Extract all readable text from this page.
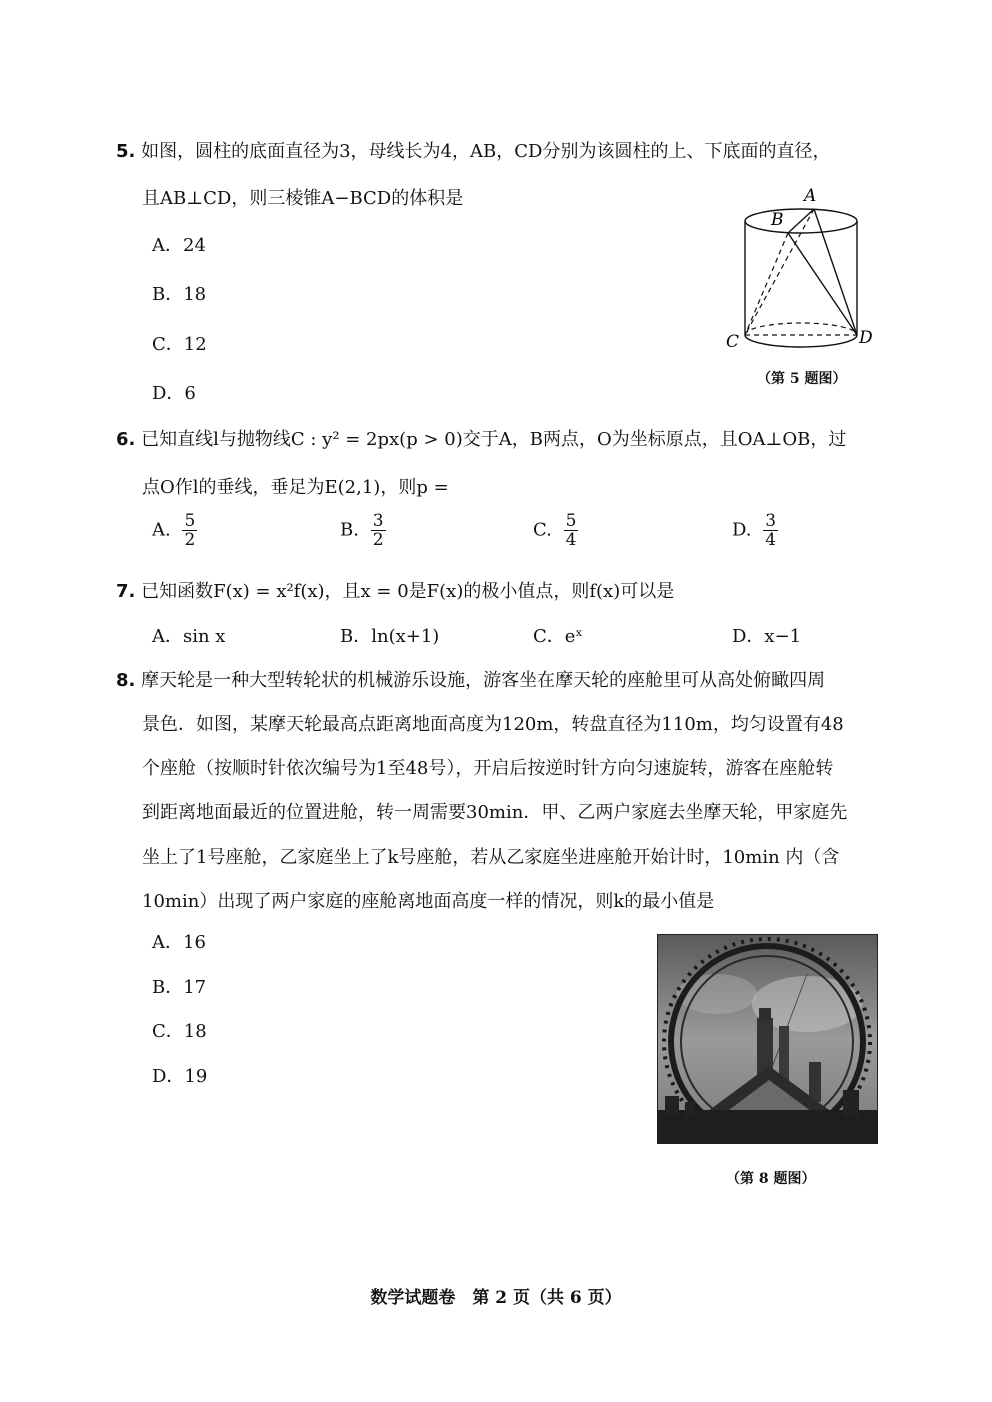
5. 如图，圆柱的底面直径为3，母线长为4，AB，CD分别为该圆柱的上、下底面的直径，
且AB⊥CD，则三棱锥A−BCD的体积是
A．24
B．18
C．12
D．6
A
B
C	D
（第 5 题图）
6. 已知直线l与抛物线C : y² = 2px(p > 0)交于A，B两点，O为坐标原点，且OA⊥OB，过
点O作l的垂线，垂足为E(2,1)，则p =
A. $\frac{5}{2}$	B. $\frac{3}{2}$	C. $\frac{5}{4}$	D. $\frac{3}{4}$
7. 已知函数F(x) = x²f(x)，且x = 0是F(x)的极小值点，则f(x)可以是
A．sin x	B．ln(x+1)	C．eˣ	D．x−1
8. 摩天轮是一种大型转轮状的机械游乐设施，游客坐在摩天轮的座舱里可从高处俯瞰四周
景色．如图，某摩天轮最高点距离地面高度为120m，转盘直径为110m，均匀设置有48
个座舱（按顺时针依次编号为1至48号），开启后按逆时针方向匀速旋转，游客在座舱转
到距离地面最近的位置进舱，转一周需要30min．甲、乙两户家庭去坐摩天轮，甲家庭先
坐上了1号座舱，乙家庭坐上了k号座舱，若从乙家庭坐进座舱开始计时，10min 内（含
10min）出现了两户家庭的座舱离地面高度一样的情况，则k的最小值是
A．16
B．17
C．18
D．19
（第 8 题图）
数学试题卷　第 2 页（共 6 页）
